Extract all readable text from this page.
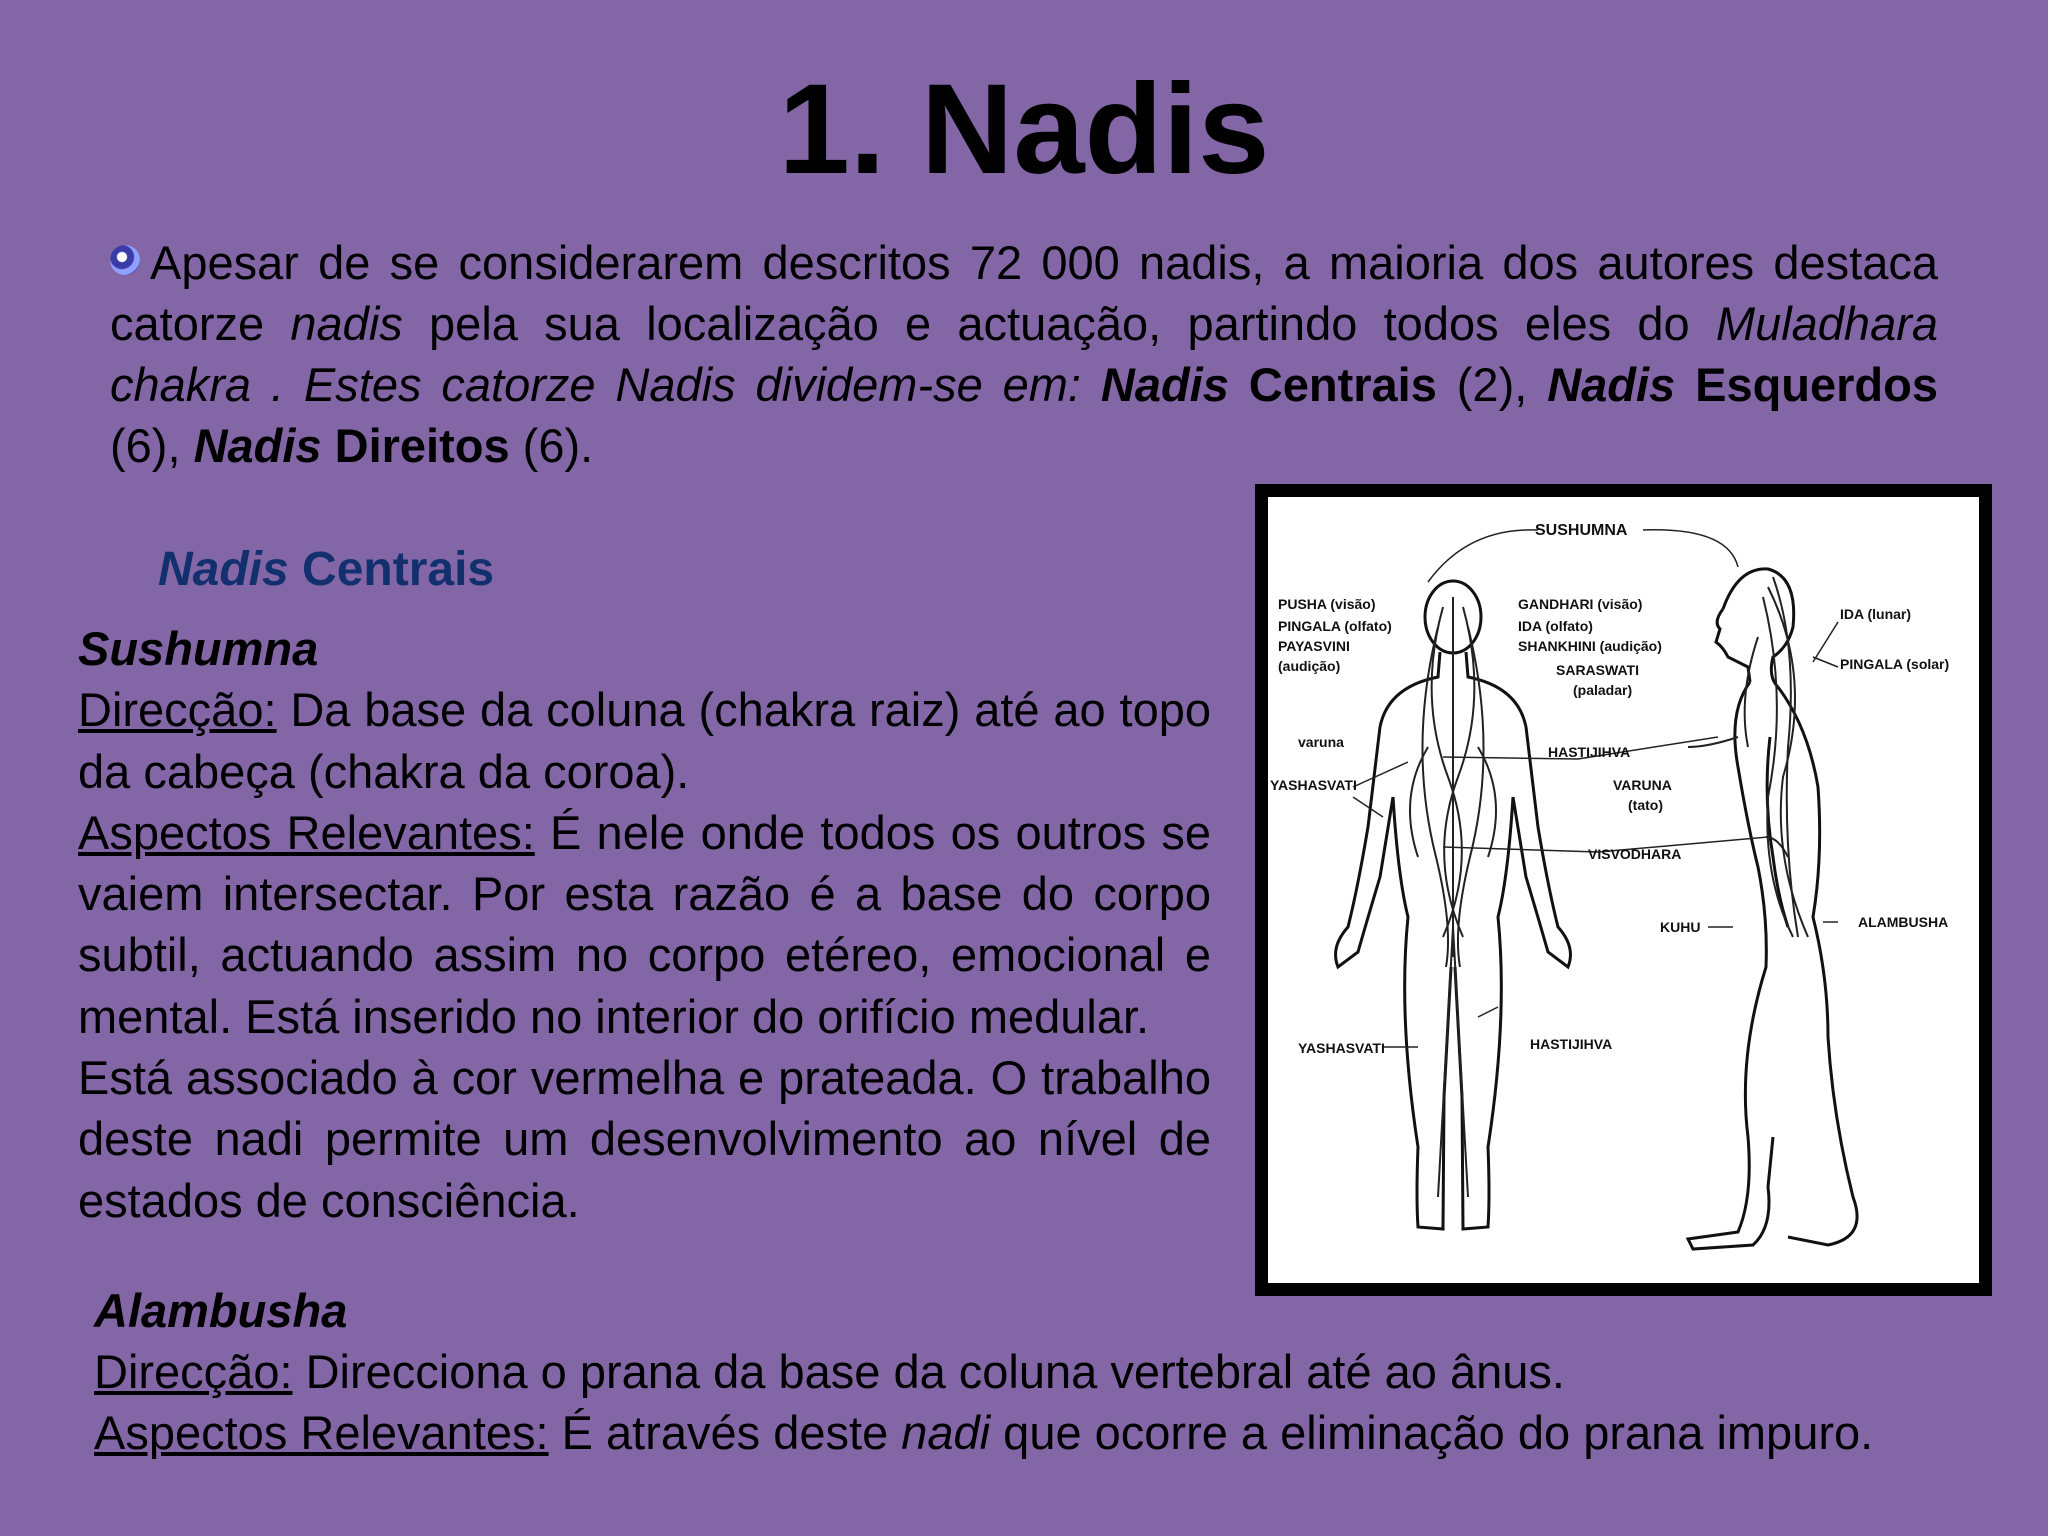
1. Nadis
Apesar de se considerarem descritos 72 000 nadis, a maioria dos autores destaca catorze nadis pela sua localização e actuação, partindo todos eles do Muladhara chakra . Estes catorze Nadis dividem-se em: Nadis Centrais (2), Nadis Esquerdos (6), Nadis Direitos (6).
Nadis Centrais
Sushumna
Direcção: Da base da coluna (chakra raiz) até ao topo da cabeça (chakra da coroa).
Aspectos Relevantes: É nele onde todos os outros se vaiem intersectar. Por esta razão é a base do corpo subtil, actuando assim no corpo etéreo, emocional e mental. Está inserido no interior do orifício medular.
Está associado à cor vermelha e prateada. O trabalho deste nadi permite um desenvolvimento ao nível de estados de consciência.
Alambusha
Direcção: Direcciona o prana da base da coluna vertebral até ao ânus.
Aspectos Relevantes: É através deste nadi que ocorre a eliminação do prana impuro.
SUSHUMNA
PUSHA (visão)
PINGALA (olfato)
PAYASVINI
(audição)
GANDHARI (visão)
IDA (olfato)
SHANKHINI (audição)
SARASWATI
(paladar)
IDA (lunar)
PINGALA (solar)
varuna
YASHASVATI
HASTIJIHVA
VARUNA
(tato)
VISVODHARA
ALAMBUSHA
KUHU
YASHASVATI	HASTIJIHVA
